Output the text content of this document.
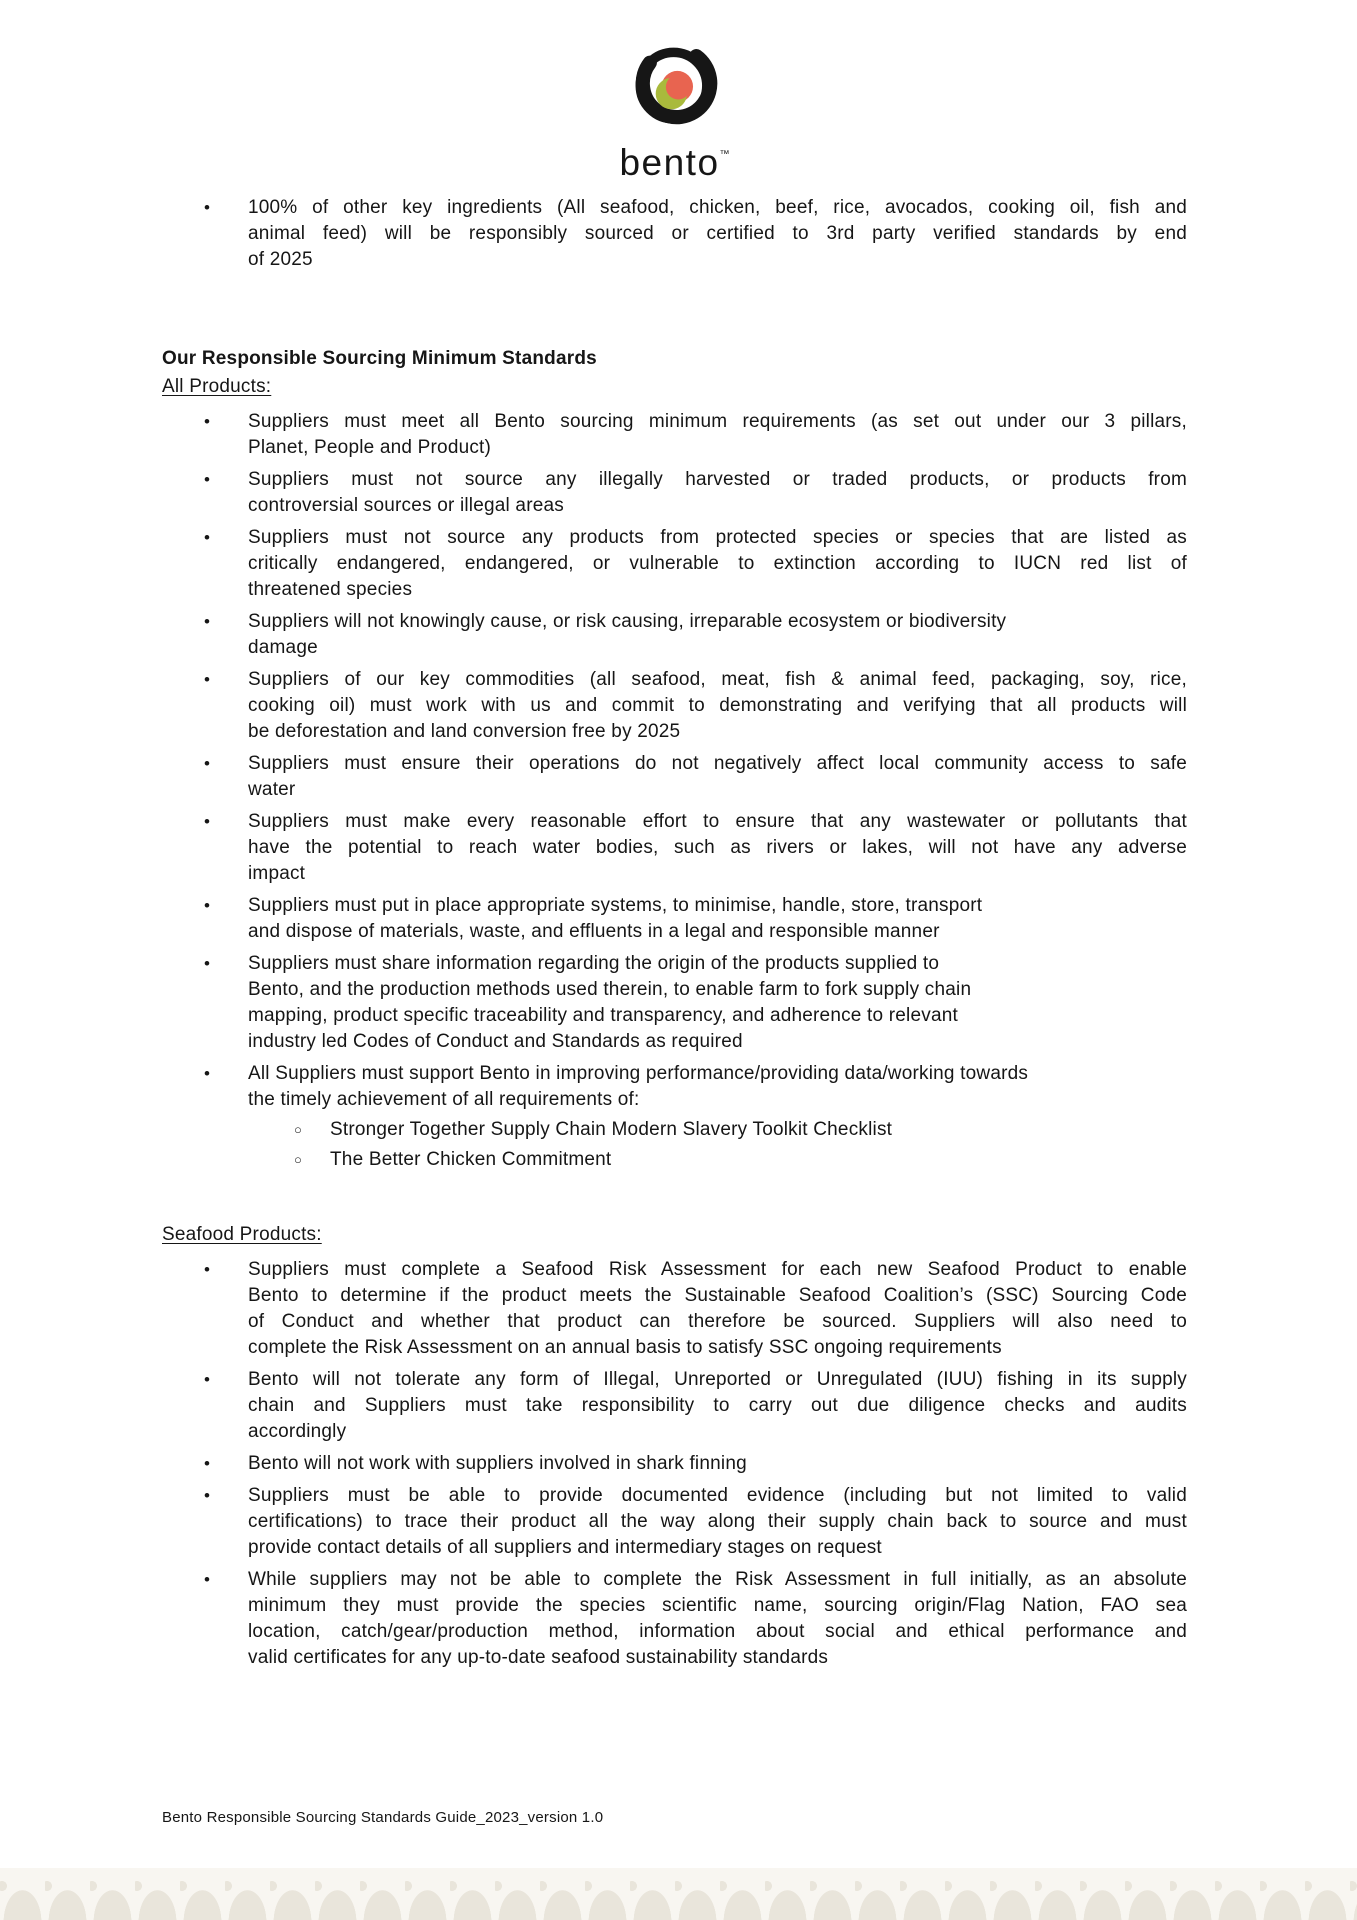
bento™
•	100% of other key ingredients (All seafood, chicken, beef, rice, avocados, cooking oil, fish and
animal feed) will be responsibly sourced or certified to 3rd party verified standards by end
of 2025
Our Responsible Sourcing Minimum Standards
All Products:
•	Suppliers must meet all Bento sourcing minimum requirements (as set out under our 3 pillars,
Planet, People and Product)
•	Suppliers must not source any illegally harvested or traded products, or products from
controversial sources or illegal areas
•	Suppliers must not source any products from protected species or species that are listed as
critically endangered, endangered, or vulnerable to extinction according to IUCN red list of
threatened species
•	Suppliers will not knowingly cause, or risk causing, irreparable ecosystem or biodiversity
damage
•	Suppliers of our key commodities (all seafood, meat, fish & animal feed, packaging, soy, rice,
cooking oil) must work with us and commit to demonstrating and verifying that all products will
be deforestation and land conversion free by 2025
•	Suppliers must ensure their operations do not negatively affect local community access to safe
water
•	Suppliers must make every reasonable effort to ensure that any wastewater or pollutants that
have the potential to reach water bodies, such as rivers or lakes, will not have any adverse
impact
•	Suppliers must put in place appropriate systems, to minimise, handle, store, transport
and dispose of materials, waste, and effluents in a legal and responsible manner
•	Suppliers must share information regarding the origin of the products supplied to
Bento, and the production methods used therein, to enable farm to fork supply chain
mapping, product specific traceability and transparency, and adherence to relevant
industry led Codes of Conduct and Standards as required
•	All Suppliers must support Bento in improving performance/providing data/working towards
the timely achievement of all requirements of:
○	Stronger Together Supply Chain Modern Slavery Toolkit Checklist
○	The Better Chicken Commitment
Seafood Products:
•	Suppliers must complete a Seafood Risk Assessment for each new Seafood Product to enable
Bento to determine if the product meets the Sustainable Seafood Coalition’s (SSC) Sourcing Code
of Conduct and whether that product can therefore be sourced. Suppliers will also need to
complete the Risk Assessment on an annual basis to satisfy SSC ongoing requirements
•	Bento will not tolerate any form of Illegal, Unreported or Unregulated (IUU) fishing in its supply
chain and Suppliers must take responsibility to carry out due diligence checks and audits
accordingly
•	Bento will not work with suppliers involved in shark finning
•	Suppliers must be able to provide documented evidence (including but not limited to valid
certifications) to trace their product all the way along their supply chain back to source and must
provide contact details of all suppliers and intermediary stages on request
•	While suppliers may not be able to complete the Risk Assessment in full initially, as an absolute
minimum they must provide the species scientific name, sourcing origin/Flag Nation, FAO sea
location, catch/gear/production method, information about social and ethical performance and
valid certificates for any up-to-date seafood sustainability standards
Bento Responsible Sourcing Standards Guide_2023_version 1.0
